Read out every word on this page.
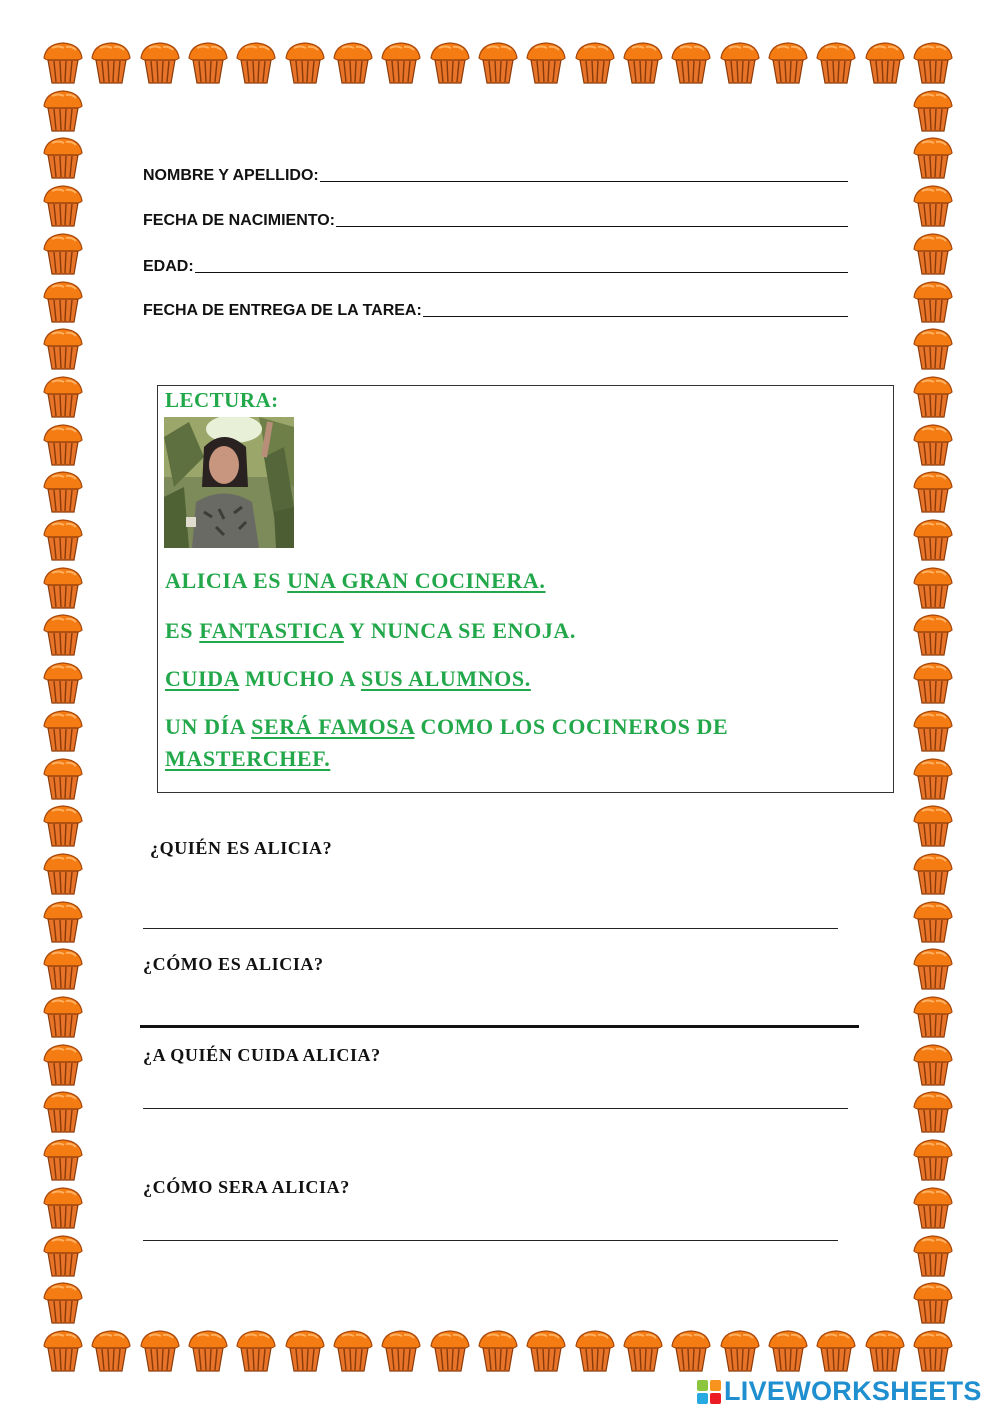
NOMBRE Y APELLIDO:
FECHA DE NACIMIENTO:
EDAD:
FECHA DE ENTREGA DE LA TAREA:
LECTURA:
ALICIA ES UNA GRAN COCINERA.
ES FANTASTICA Y NUNCA SE ENOJA.
CUIDA MUCHO A SUS ALUMNOS.
UN DÍA SERÁ FAMOSA COMO LOS COCINEROS DE
MASTERCHEF.
¿QUIÉN ES ALICIA?
¿CÓMO ES ALICIA?
¿A QUIÉN CUIDA ALICIA?
¿CÓMO SERA ALICIA?
LIVEWORKSHEETS
